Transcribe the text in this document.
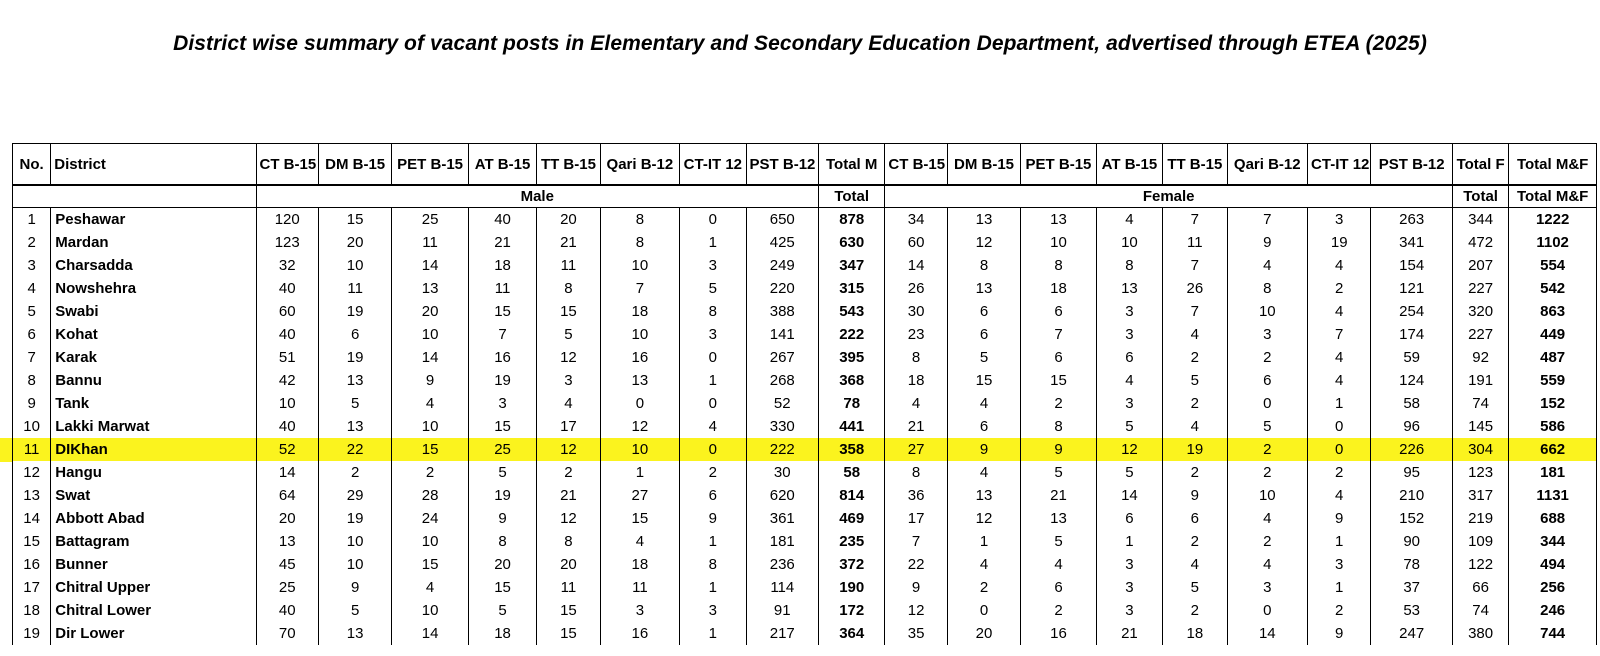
District wise summary of vacant posts in Elementary and Secondary Education Department, advertised through ETEA (2025)
No.	District	CT B-15	DM B-15	PET B-15	AT B-15	TT B-15	Qari B-12	CT-IT 12	PST B-12	Total M	CT B-15	DM B-15	PET B-15	AT B-15	TT B-15	Qari B-12	CT-IT 12	PST B-12	Total F	Total M&F
		Male								Total	Female								Total	Total M&F
1	Peshawar	120	15	25	40	20	8	0	650	878	34	13	13	4	7	7	3	263	344	1222
2	Mardan	123	20	11	21	21	8	1	425	630	60	12	10	10	11	9	19	341	472	1102
3	Charsadda	32	10	14	18	11	10	3	249	347	14	8	8	8	7	4	4	154	207	554
4	Nowshehra	40	11	13	11	8	7	5	220	315	26	13	18	13	26	8	2	121	227	542
5	Swabi	60	19	20	15	15	18	8	388	543	30	6	6	3	7	10	4	254	320	863
6	Kohat	40	6	10	7	5	10	3	141	222	23	6	7	3	4	3	7	174	227	449
7	Karak	51	19	14	16	12	16	0	267	395	8	5	6	6	2	2	4	59	92	487
8	Bannu	42	13	9	19	3	13	1	268	368	18	15	15	4	5	6	4	124	191	559
9	Tank	10	5	4	3	4	0	0	52	78	4	4	2	3	2	0	1	58	74	152
10	Lakki Marwat	40	13	10	15	17	12	4	330	441	21	6	8	5	4	5	0	96	145	586
11	DIKhan	52	22	15	25	12	10	0	222	358	27	9	9	12	19	2	0	226	304	662
12	Hangu	14	2	2	5	2	1	2	30	58	8	4	5	5	2	2	2	95	123	181
13	Swat	64	29	28	19	21	27	6	620	814	36	13	21	14	9	10	4	210	317	1131
14	Abbott Abad	20	19	24	9	12	15	9	361	469	17	12	13	6	6	4	9	152	219	688
15	Battagram	13	10	10	8	8	4	1	181	235	7	1	5	1	2	2	1	90	109	344
16	Bunner	45	10	15	20	20	18	8	236	372	22	4	4	3	4	4	3	78	122	494
17	Chitral Upper	25	9	4	15	11	11	1	114	190	9	2	6	3	5	3	1	37	66	256
18	Chitral Lower	40	5	10	5	15	3	3	91	172	12	0	2	3	2	0	2	53	74	246
19	Dir Lower	70	13	14	18	15	16	1	217	364	35	20	16	21	18	14	9	247	380	744
